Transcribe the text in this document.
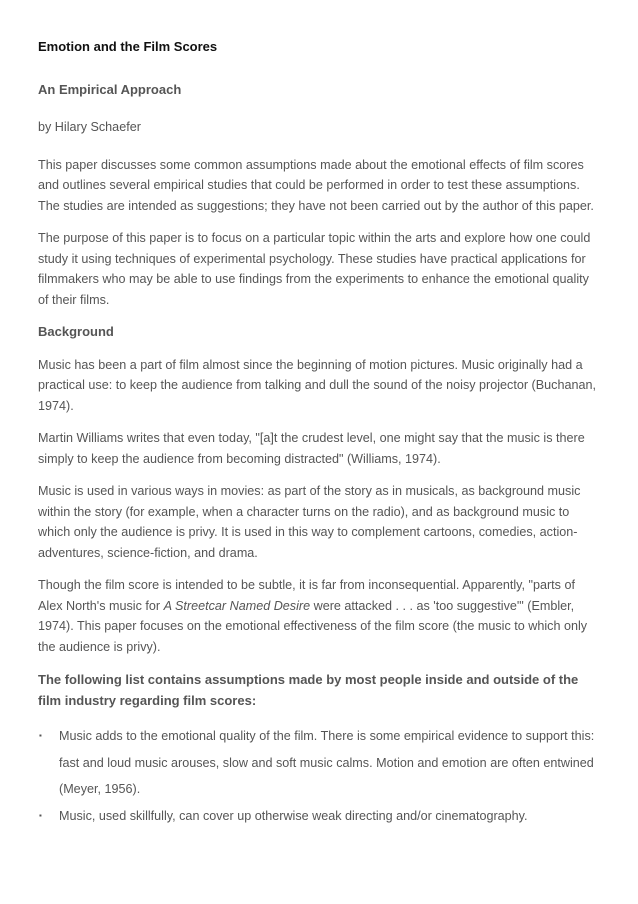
Emotion and the Film Scores
An Empirical Approach
by Hilary Schaefer

This paper discusses some common assumptions made about the emotional effects of film scores and outlines several empirical studies that could be performed in order to test these assumptions. The studies are intended as suggestions; they have not been carried out by the author of this paper.

The purpose of this paper is to focus on a particular topic within the arts and explore how one could study it using techniques of experimental psychology. These studies have practical applications for filmmakers who may be able to use findings from the experiments to enhance the emotional quality of their films.

Background

Music has been a part of film almost since the beginning of motion pictures. Music originally had a practical use: to keep the audience from talking and dull the sound of the noisy projector (Buchanan, 1974).

Martin Williams writes that even today, "[a]t the crudest level, one might say that the music is there simply to keep the audience from becoming distracted" (Williams, 1974).

Music is used in various ways in movies: as part of the story as in musicals, as background music within the story (for example, when a character turns on the radio), and as background music to which only the audience is privy. It is used in this way to complement cartoons, comedies, action-adventures, science-fiction, and drama.

Though the film score is intended to be subtle, it is far from inconsequential. Apparently, "parts of Alex North's music for A Streetcar Named Desire were attacked . . . as 'too suggestive'" (Embler, 1974). This paper focuses on the emotional effectiveness of the film score (the music to which only the audience is privy).

The following list contains assumptions made by most people inside and outside of the film industry regarding film scores:
▪ Music adds to the emotional quality of the film. There is some empirical evidence to support this: fast and loud music arouses, slow and soft music calms. Motion and emotion are often entwined (Meyer, 1956).
▪ Music, used skillfully, can cover up otherwise weak directing and/or cinematography.
